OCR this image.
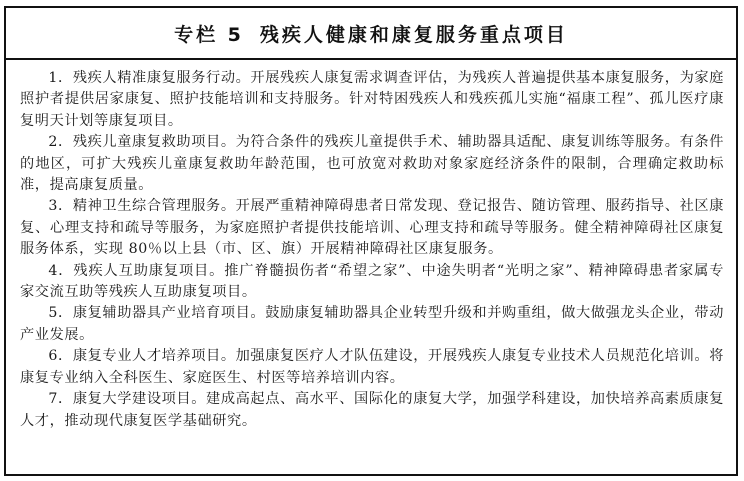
专栏 5 残疾人健康和康复服务重点项目

1．残疾人精准康复服务行动。开展残疾人康复需求调查评估，为残疾人普遍提供基本康复服务，为家庭照护者提供居家康复、照护技能培训和支持服务。针对特困残疾人和残疾孤儿实施“福康工程”、孤儿医疗康复明天计划等康复项目。

2．残疾儿童康复救助项目。为符合条件的残疾儿童提供手术、辅助器具适配、康复训练等服务。有条件的地区，可扩大残疾儿童康复救助年龄范围，也可放宽对救助对象家庭经济条件的限制，合理确定救助标准，提高康复质量。

3．精神卫生综合管理服务。开展严重精神障碍患者日常发现、登记报告、随访管理、服药指导、社区康复、心理支持和疏导等服务，为家庭照护者提供技能培训、心理支持和疏导等服务。健全精神障碍社区康复服务体系，实现 80％以上县（市、区、旗）开展精神障碍社区康复服务。

4．残疾人互助康复项目。推广脊髓损伤者“希望之家”、中途失明者“光明之家”、精神障碍患者家属专家交流互助等残疾人互助康复项目。

5．康复辅助器具产业培育项目。鼓励康复辅助器具企业转型升级和并购重组，做大做强龙头企业，带动产业发展。

6．康复专业人才培养项目。加强康复医疗人才队伍建设，开展残疾人康复专业技术人员规范化培训。将康复专业纳入全科医生、家庭医生、村医等培养培训内容。

7．康复大学建设项目。建成高起点、高水平、国际化的康复大学，加强学科建设，加快培养高素质康复人才，推动现代康复医学基础研究。
